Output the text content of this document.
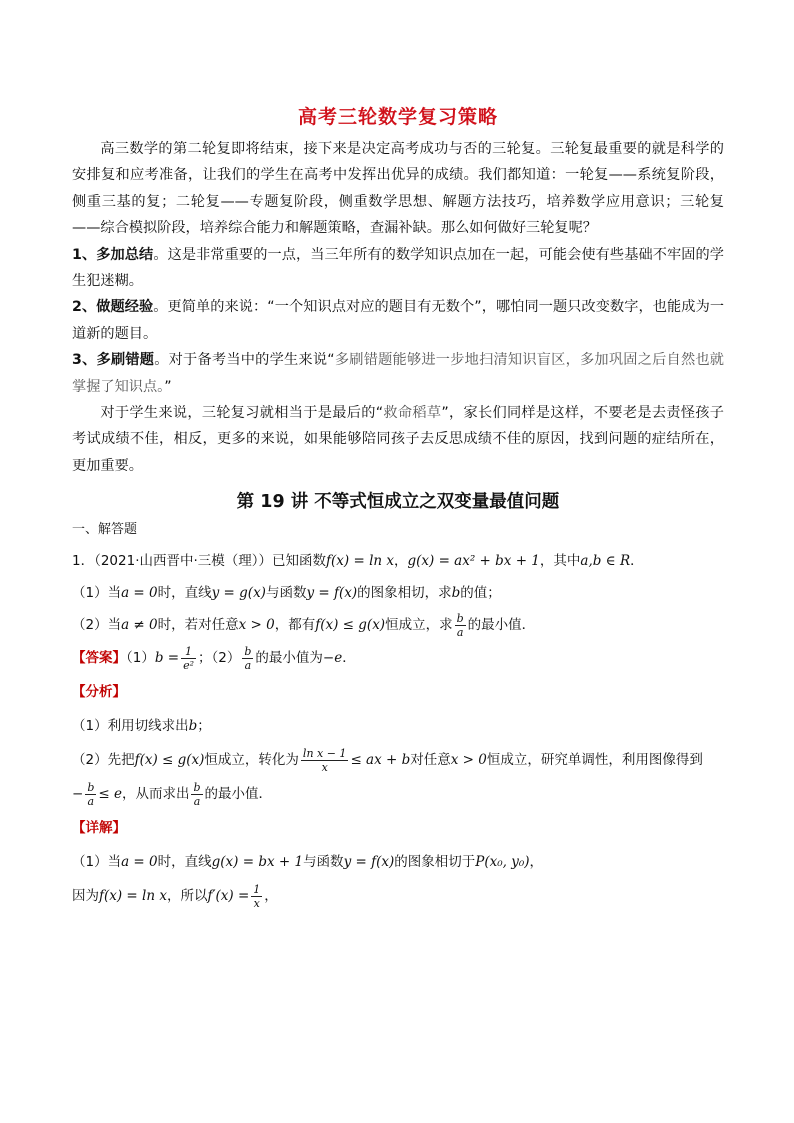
高考三轮数学复习策略

高三数学的第二轮复即将结束，接下来是决定高考成功与否的三轮复。三轮复最重要的就是科学的安排复和应考准备，让我们的学生在高考中发挥出优异的成绩。我们都知道：一轮复——系统复阶段，侧重三基的复；二轮复——专题复阶段，侧重数学思想、解题方法技巧，培养数学应用意识；三轮复——综合模拟阶段，培养综合能力和解题策略，查漏补缺。那么如何做好三轮复呢？

1、多加总结。这是非常重要的一点，当三年所有的数学知识点加在一起，可能会使有些基础不牢固的学生犯迷糊。

2、做题经验。更简单的来说：“一个知识点对应的题目有无数个”，哪怕同一题只改变数字，也能成为一道新的题目。

3、多刷错题。对于备考当中的学生来说“多刷错题能够进一步地扫清知识盲区，多加巩固之后自然也就掌握了知识点。”

对于学生来说，三轮复习就相当于是最后的“救命稻草”，家长们同样是这样，不要老是去责怪孩子考试成绩不佳，相反，更多的来说，如果能够陪同孩子去反思成绩不佳的原因，找到问题的症结所在，更加重要。

第 19 讲 不等式恒成立之双变量最值问题
一、解答题

1．（2021·山西晋中·三模（理））已知函数f(x) = ln x，g(x) = ax² + bx + 1，其中a,b ∈ R．

（1）当a = 0时，直线y = g(x)与函数y = f(x)的图象相切，求b的值；

（2）当a ≠ 0时，若对任意x > 0，都有f(x) ≤ g(x)恒成立，求 $\frac{b}{a}$ 的最小值．

【答案】$(1)b = \frac{1}{\text{e²}}$ ；$(2) \frac{b}{a}$ 的最小值为−e．

【分析】

（1）利用切线求出b；

（2）先把f(x) ≤ g(x)恒成立，转化为 $\frac{\text{ln x − 1}}{x}$ ≤ ax + b对任意x > 0恒成立，研究单调性，利用图像得到

− $\frac{b}{a} \le e$，从而求出 $\frac{b}{a}$ 的最小值．

【详解】

（1）当a = 0时，直线g(x) = bx + 1与函数y = f(x)的图象相切于P(x₀, y₀)，

因为f(x) = ln x，所以$f'(x) = \frac{1}{x}$ ，
